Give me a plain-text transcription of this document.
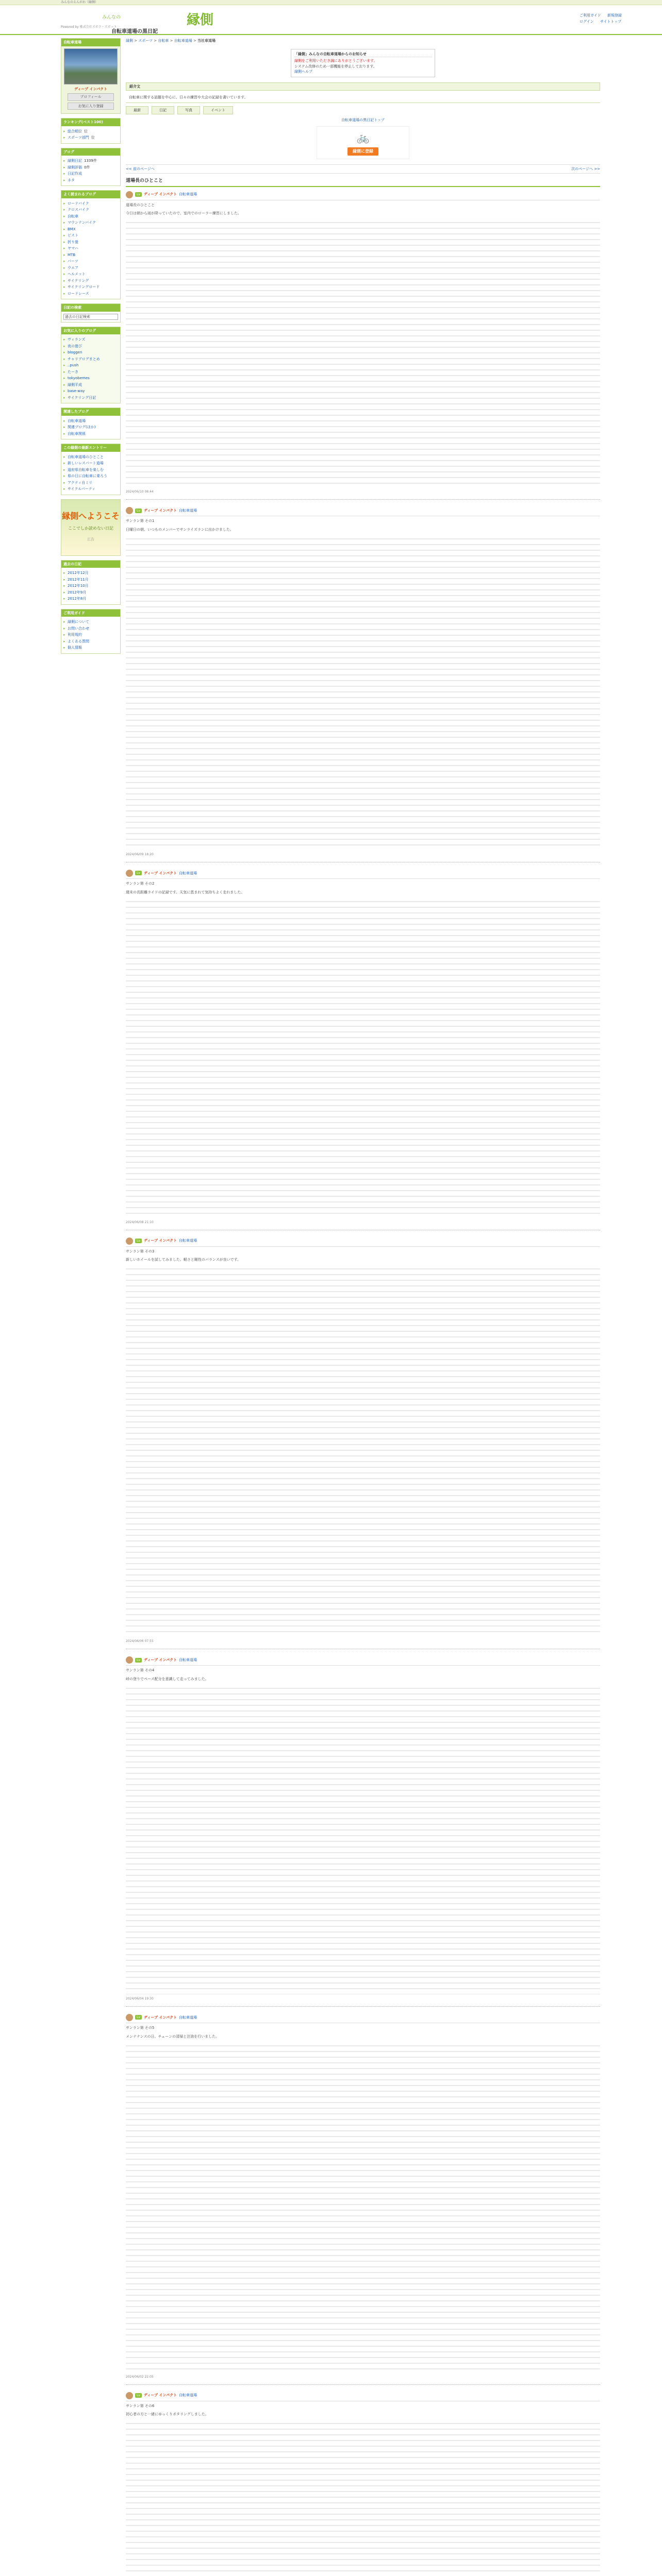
みんなのえんがわ（縁側）
縁側
みんなの
Powered by 株式会社ズボラ・ズボット
ご利用ガイド 新規登録
ログイン サイトトップ
自転車道場の黒日記
自転車道場
ディープ インパクト
プロフィール
お気に入り登録
ランキング(ベスト100)
▸ 総合順位 位
▸ スポーツ部門 位
ブログ
▸ 縁側日記 1339件
▸ 縁側評価 0件
▸ 日記作成
▸ ネタ
よく読まれるブログ
▸ ロードバイク
▸ クロスバイク
▸ 自転車
▸ マウンテンバイク
▸ BMX
▸ ピスト
▸ 折り畳
▸ ヤマハ
▸ MTB
▸ パーツ
▸ ウエア
▸ ヘルメット
▸ サイクリング
▸ サイクリングロード
▸ ロードレース
日記の検索
過去の日記検索
お気に入りのブログ
▸ ヴィランズ
▸ 夜の遊び
▸ bloggen
▸ チャリブログまとめ
▸ ..push
▸ たーき
▸ tokyobemes
▸ 縁側平成
▸ base-way
▸ サイクリング日記
関連したブログ
▸ 自転車道場
▸ 関連ブログ(ほか)
▸ 自転車関係
この縁側の最新エントリー
▸ 自転車道場のひとこと
▸ 新しいレスパート道場
▸ 道府県自転車を楽しむ
▸ 県の日に自転車に乗ろう
▸ アクティ自ミリ
▸ サイクルパーティ
縁側へようこそ
ここでしか読めない日記
広告
過去の日記
▸ 2012年12月
▸ 2012年11月
▸ 2012年10月
▸ 2012年9月
▸ 2012年8月
ご利用ガイド
▸ 縁側について
▸ お問い合わせ
▸ 利用規約
▸ よくある質問
▸ 個人情報
縁側 > スポーツ > 自転車 > 自転車道場 > 当社車道場
「縁側」みんなの自転車道場からのお知らせ
縁側をご利用いただき誠にありがとうございます。
システム改修のため一部機能を停止しております。
縁側ヘルプ
紹介文
自転車に関する話題を中心に、日々の練習や大会の記録を書いています。
最新	日記	写真	イベント
自転車道場の黒日記トップ
🚲
縁側に登録
<< 前のページへ	次のページへ >>
道場長のひとこと
Lv	ディープ インパクト 自転車道場

道場長のひとこと

今日は朝から雨が降っていたので、室内でのローラー練習にしました。

2024/06/10 08:44
Lv	ディープ インパクト 自転車道場

サンラン第 その1

日曜日の朝、いつものメンバーでサンライズランに出かけました。

2024/06/09 18:20
Lv	ディープ インパクト 自転車道場

サンラン第 その2

週末の長距離ライドの記録です。天気に恵まれて気持ちよく走れました。

2024/06/08 21:10
Lv	ディープ インパクト 自転車道場

サンラン第 その3

新しいホイールを試してみました。軽さと剛性のバランスが良いです。

2024/06/06 07:55
Lv	ディープ インパクト 自転車道場

サンラン第 その4

峠の登りでペース配分を意識して走ってみました。

2024/06/04 19:30
Lv	ディープ インパクト 自転車道場

サンラン第 その5

メンテナンスの日。チェーンの清掃と注油を行いました。

2024/06/02 22:05
Lv	ディープ インパクト 自転車道場

サンラン第 その6

初心者の方と一緒にゆっくりポタリングしました。
